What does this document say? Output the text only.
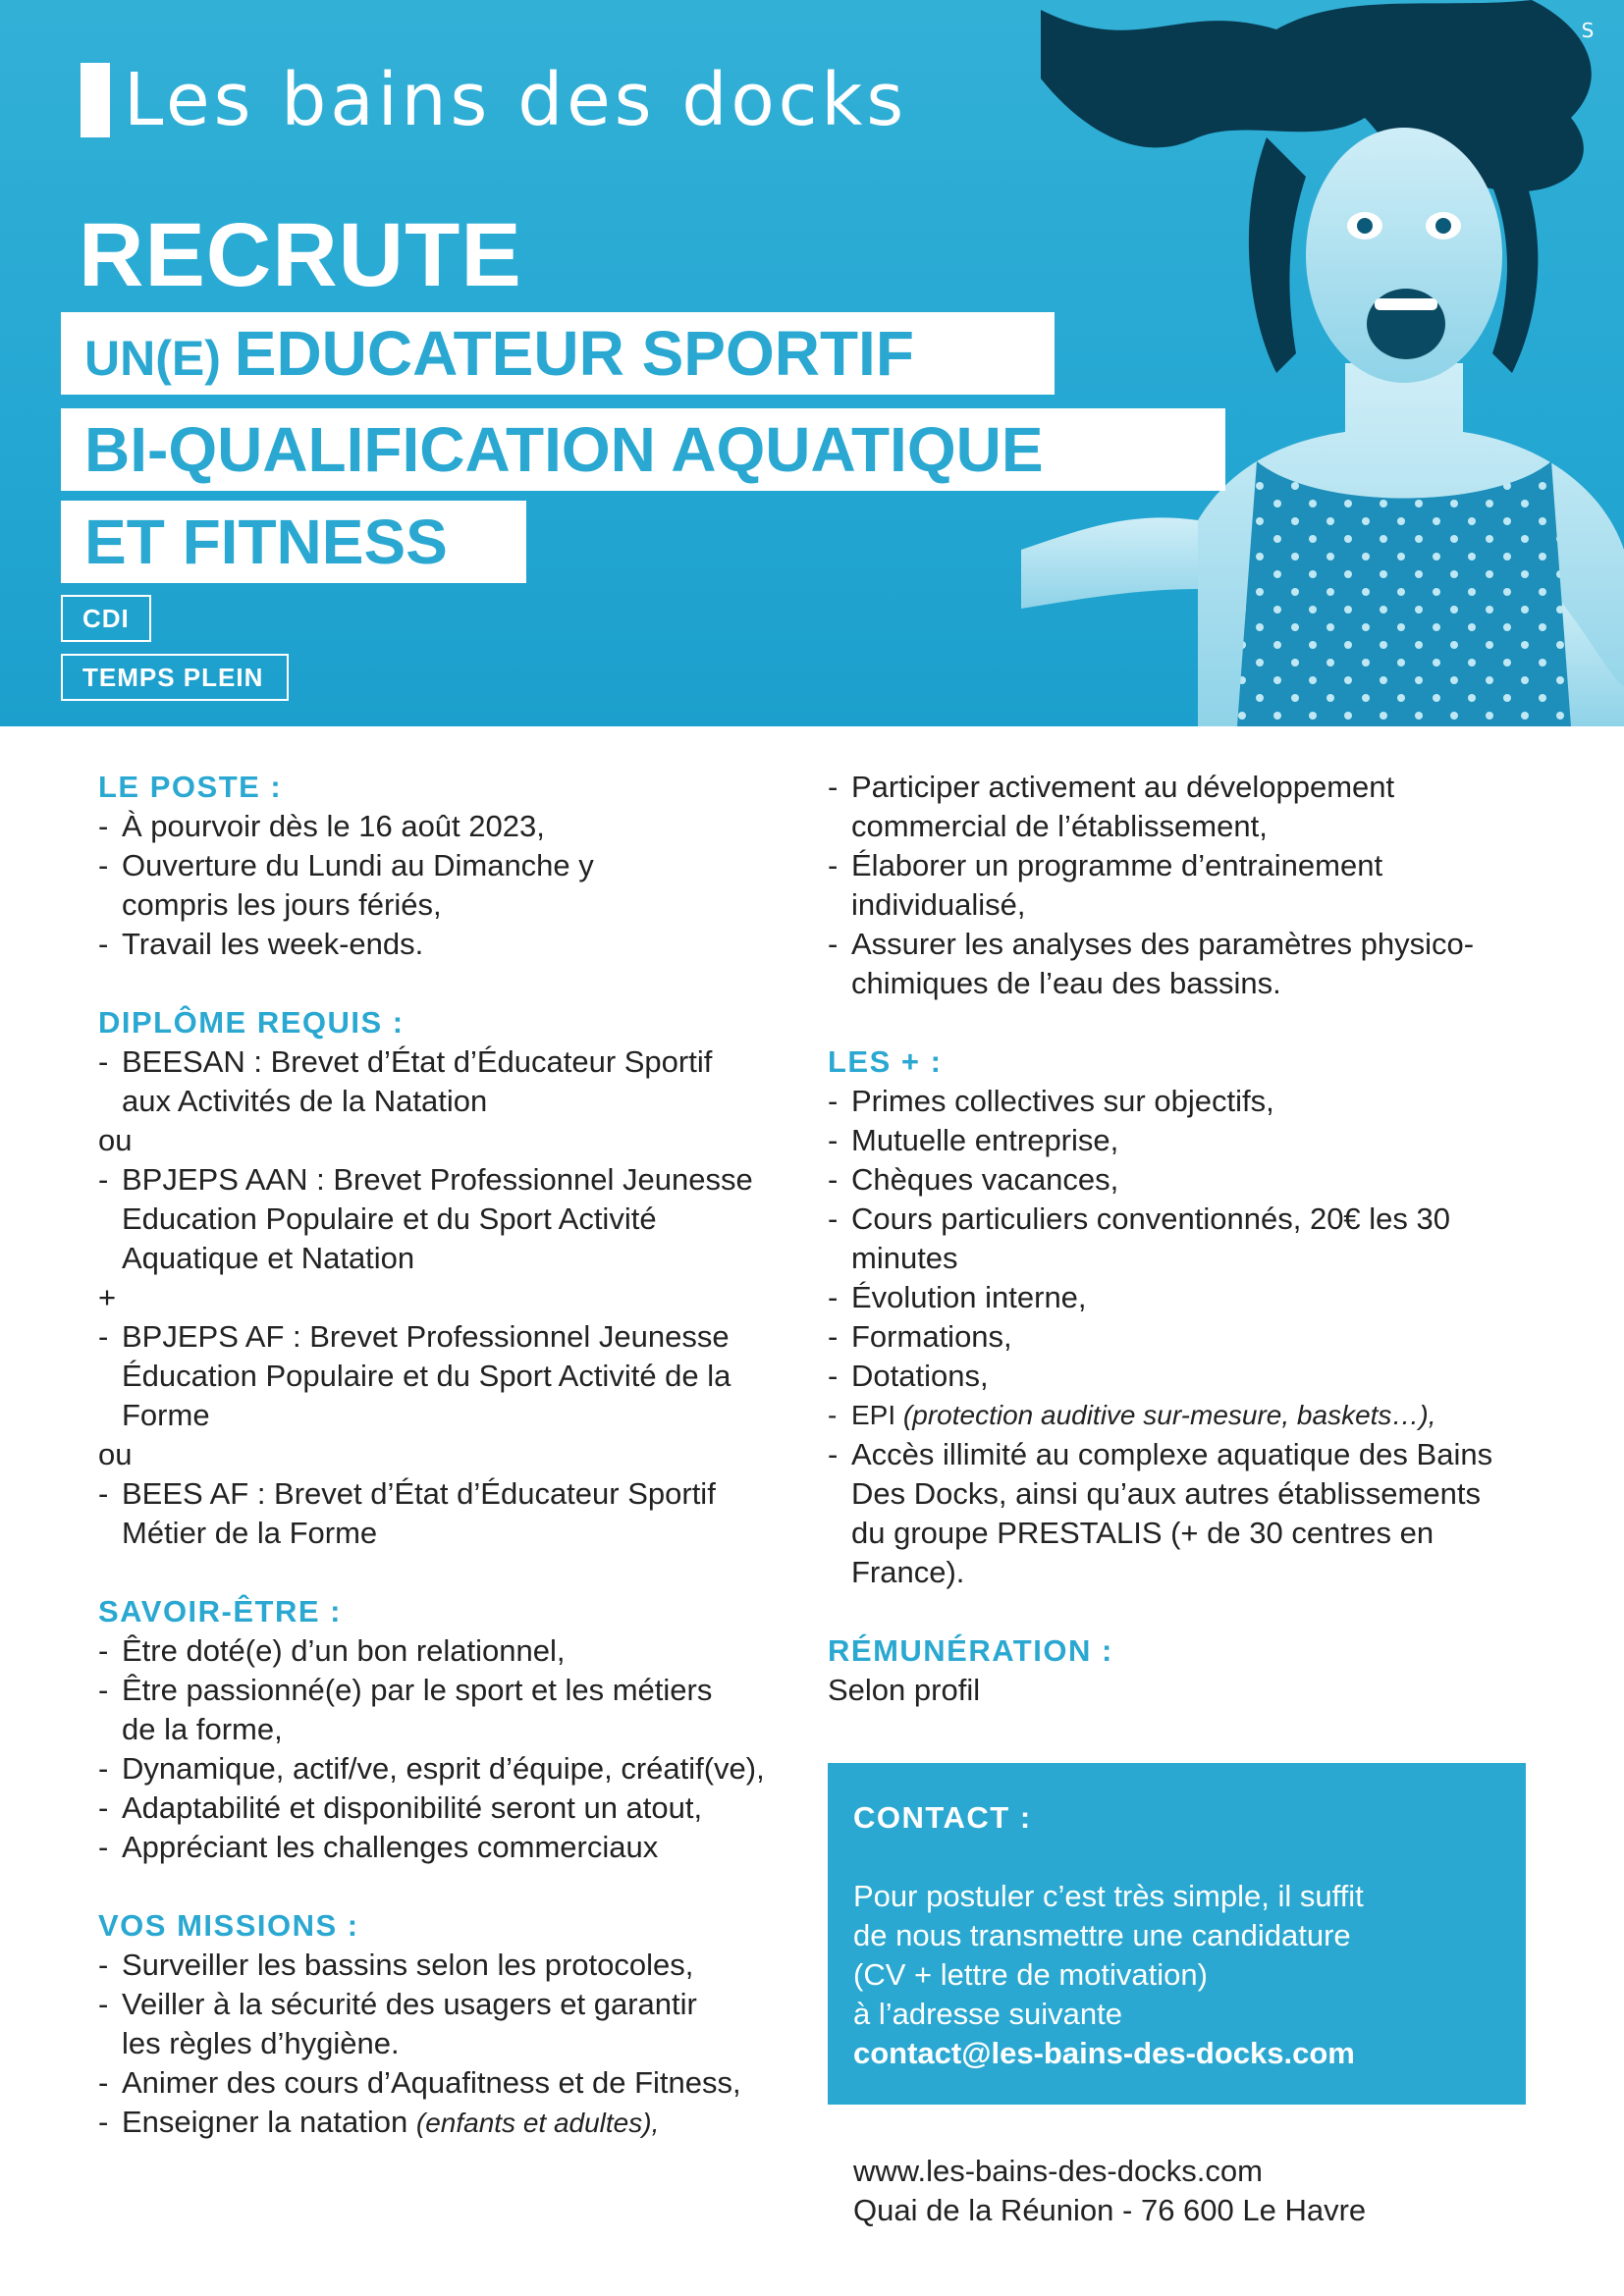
S
Les bains des docks
RECRUTE
UN(E) EDUCATEUR SPORTIF
BI-QUALIFICATION AQUATIQUE
ET FITNESS
CDI
TEMPS PLEIN
LE POSTE :
- À pourvoir dès le 16 août 2023,
- Ouverture du Lundi au Dimanche y compris les jours fériés,
- Travail les week-ends.
DIPLÔME REQUIS :
- BEESAN : Brevet d’État d’Éducateur Sportif aux Activités de la Natation
ou
- BPJEPS AAN : Brevet Professionnel Jeunesse Education Populaire et du Sport Activité Aquatique et Natation
+
- BPJEPS AF : Brevet Professionnel Jeunesse Éducation Populaire et du Sport Activité de la Forme
ou
- BEES AF : Brevet d’État d’Éducateur Sportif Métier de la Forme
SAVOIR-ÊTRE :
- Être doté(e) d’un bon relationnel,
- Être passionné(e) par le sport et les métiers de la forme,
- Dynamique, actif/ve, esprit d’équipe, créatif(ve),
- Adaptabilité et disponibilité seront un atout,
- Appréciant les challenges commerciaux
VOS MISSIONS :
- Surveiller les bassins selon les protocoles,
- Veiller à la sécurité des usagers et garantir les règles d’hygiène.
- Animer des cours d’Aquafitness et de Fitness,
- Enseigner la natation (enfants et adultes),
- Participer activement au développement commercial de l’établissement,
- Élaborer un programme d’entrainement individualisé,
- Assurer les analyses des paramètres physico-chimiques de l’eau des bassins.
LES + :
- Primes collectives sur objectifs,
- Mutuelle entreprise,
- Chèques vacances,
- Cours particuliers conventionnés, 20€ les 30 minutes
- Évolution interne,
- Formations,
- Dotations,
- EPI (protection auditive sur-mesure, baskets…),
- Accès illimité au complexe aquatique des Bains Des Docks, ainsi qu’aux autres établissements du groupe PRESTALIS (+ de 30 centres en France).
RÉMUNÉRATION :
Selon profil
CONTACT :
Pour postuler c’est très simple, il suffit
de nous transmettre une candidature
(CV + lettre de motivation)
à l’adresse suivante
contact@les-bains-des-docks.com
www.les-bains-des-docks.com
Quai de la Réunion - 76 600 Le Havre
